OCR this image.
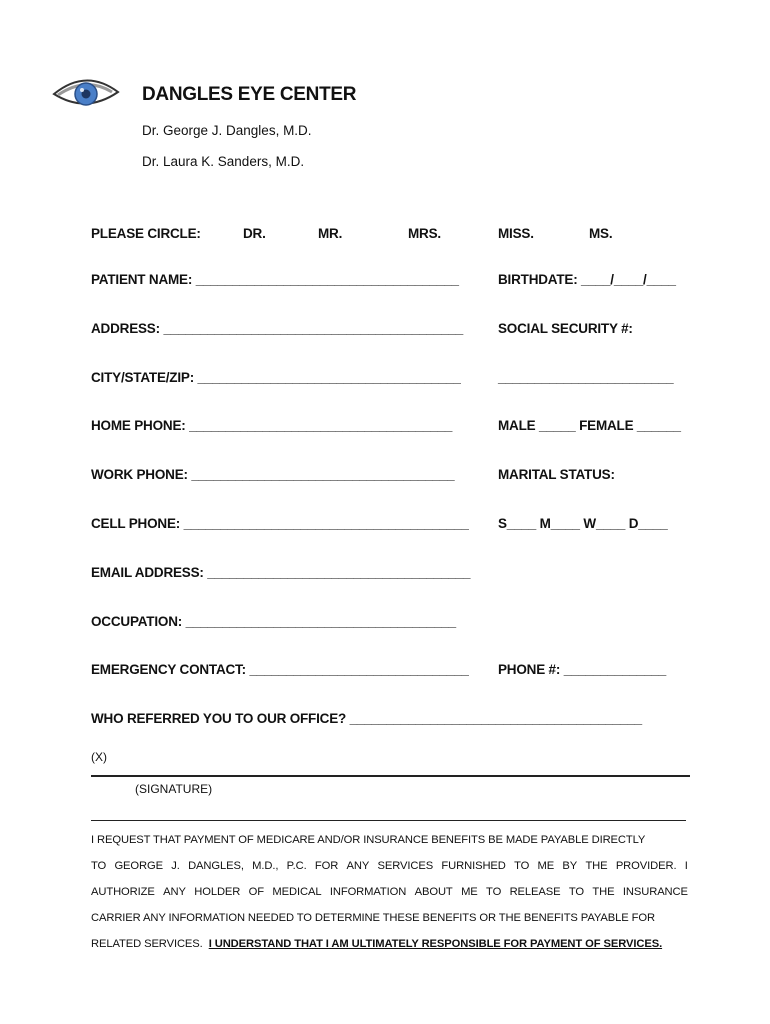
DANGLES EYE CENTER
Dr. George J. Dangles, M.D.
Dr. Laura K. Sanders, M.D.
PLEASE CIRCLE:	DR.	MR.	MRS.	MISS.	MS.
PATIENT NAME: ____________________________________	BIRTHDATE: ____/____/____
ADDRESS: _________________________________________	SOCIAL SECURITY #:
CITY/STATE/ZIP: ____________________________________	________________________
HOME PHONE: ____________________________________	MALE _____ FEMALE ______
WORK PHONE: ____________________________________	MARITAL STATUS:
CELL PHONE: _______________________________________ S____ M____ W____ D____
EMAIL ADDRESS: ____________________________________
OCCUPATION: _____________________________________
EMERGENCY CONTACT: ______________________________ PHONE #: ______________
WHO REFERRED YOU TO OUR OFFICE? ________________________________________
(X)
(SIGNATURE)
I REQUEST THAT PAYMENT OF MEDICARE AND/OR INSURANCE BENEFITS BE MADE PAYABLE DIRECTLY
TO GEORGE J. DANGLES, M.D., P.C. FOR ANY SERVICES FURNISHED TO ME BY THE PROVIDER. I
AUTHORIZE ANY HOLDER OF MEDICAL INFORMATION ABOUT ME TO RELEASE TO THE INSURANCE
CARRIER ANY INFORMATION NEEDED TO DETERMINE THESE BENEFITS OR THE BENEFITS PAYABLE FOR
RELATED SERVICES. I UNDERSTAND THAT I AM ULTIMATELY RESPONSIBLE FOR PAYMENT OF SERVICES.
